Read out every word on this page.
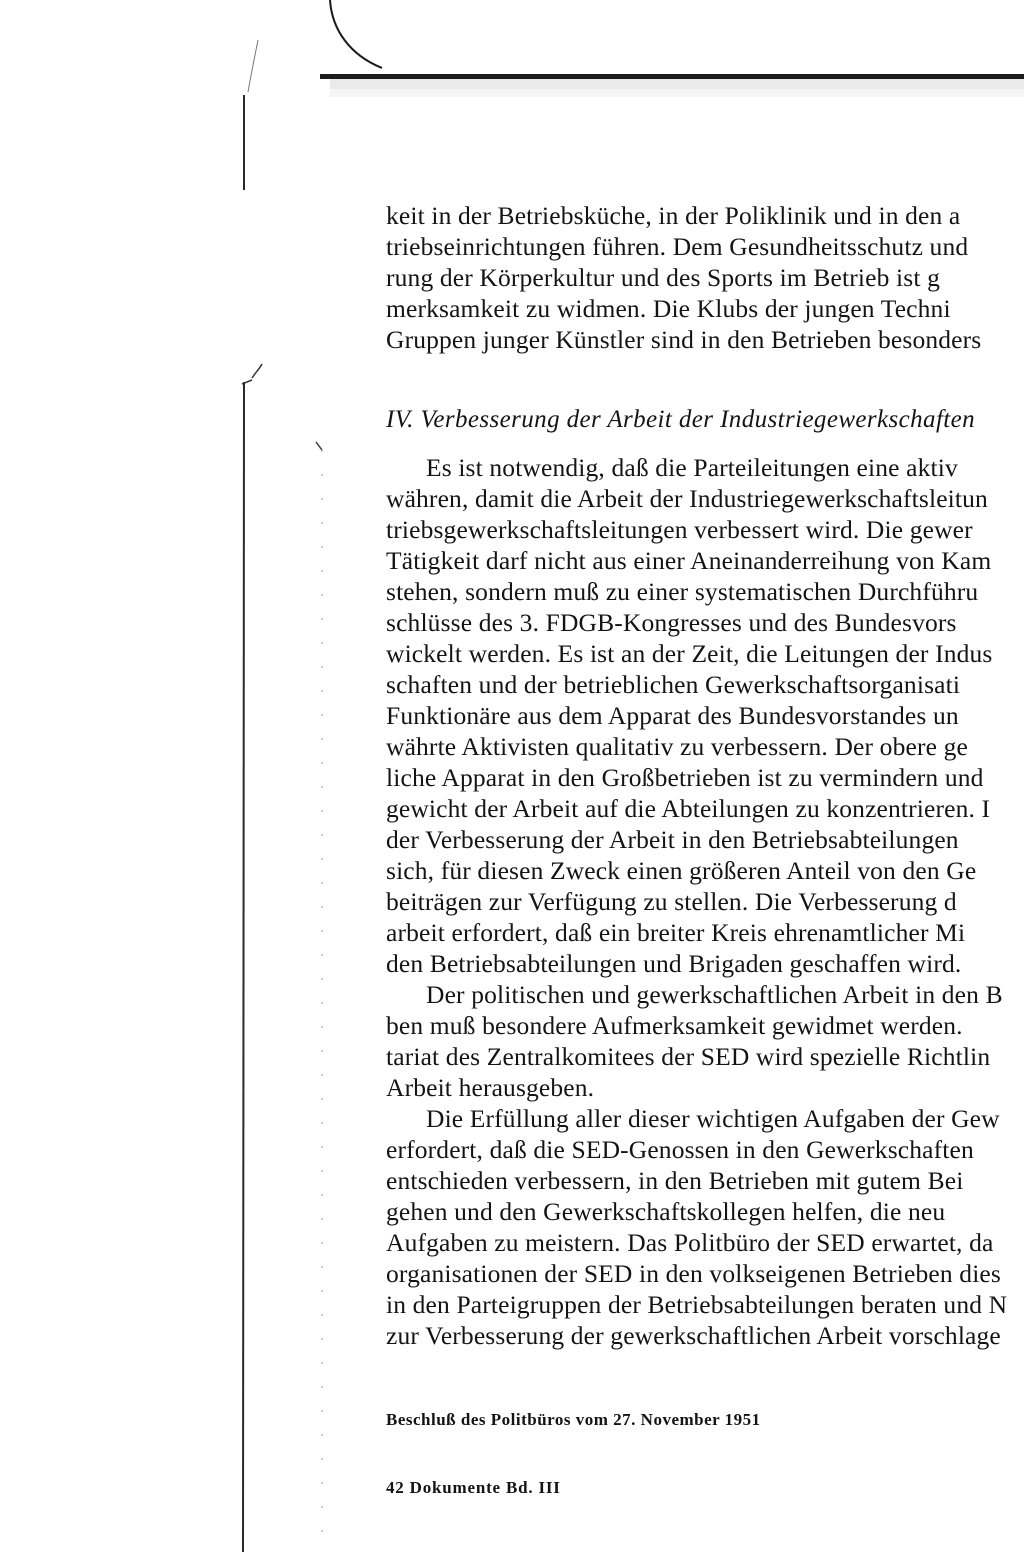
keit in der Betriebsküche, in der Poliklinik und in den a
triebseinrichtungen führen. Dem Gesundheitsschutz und
rung der Körperkultur und des Sports im Betrieb ist g
merksamkeit zu widmen. Die Klubs der jungen Techni
Gruppen junger Künstler sind in den Betrieben besonders
IV. Verbesserung der Arbeit der Industriegewerkschaften
Es ist notwendig, daß die Parteileitungen eine aktiv
währen, damit die Arbeit der Industriegewerkschaftsleitun
triebsgewerkschaftsleitungen verbessert wird. Die gewer
Tätigkeit darf nicht aus einer Aneinanderreihung von Kam
stehen, sondern muß zu einer systematischen Durchführu
schlüsse des 3. FDGB-Kongresses und des Bundesvors
wickelt werden. Es ist an der Zeit, die Leitungen der Indus
schaften und der betrieblichen Gewerkschaftsorganisati
Funktionäre aus dem Apparat des Bundesvorstandes un
währte Aktivisten qualitativ zu verbessern. Der obere ge
liche Apparat in den Großbetrieben ist zu vermindern und
gewicht der Arbeit auf die Abteilungen zu konzentrieren. I
der Verbesserung der Arbeit in den Betriebsabteilungen
sich, für diesen Zweck einen größeren Anteil von den Ge
beiträgen zur Verfügung zu stellen. Die Verbesserung d
arbeit erfordert, daß ein breiter Kreis ehrenamtlicher Mi
den Betriebsabteilungen und Brigaden geschaffen wird.
Der politischen und gewerkschaftlichen Arbeit in den B
ben muß besondere Aufmerksamkeit gewidmet werden.
tariat des Zentralkomitees der SED wird spezielle Richtlin
Arbeit herausgeben.
Die Erfüllung aller dieser wichtigen Aufgaben der Gew
erfordert, daß die SED-Genossen in den Gewerkschaften
entschieden verbessern, in den Betrieben mit gutem Bei
gehen und den Gewerkschaftskollegen helfen, die neu
Aufgaben zu meistern. Das Politbüro der SED erwartet, da
organisationen der SED in den volkseigenen Betrieben dies
in den Parteigruppen der Betriebsabteilungen beraten und N
zur Verbesserung der gewerkschaftlichen Arbeit vorschlage
Beschluß des Politbüros vom 27. November 1951
42 Dokumente Bd. III
